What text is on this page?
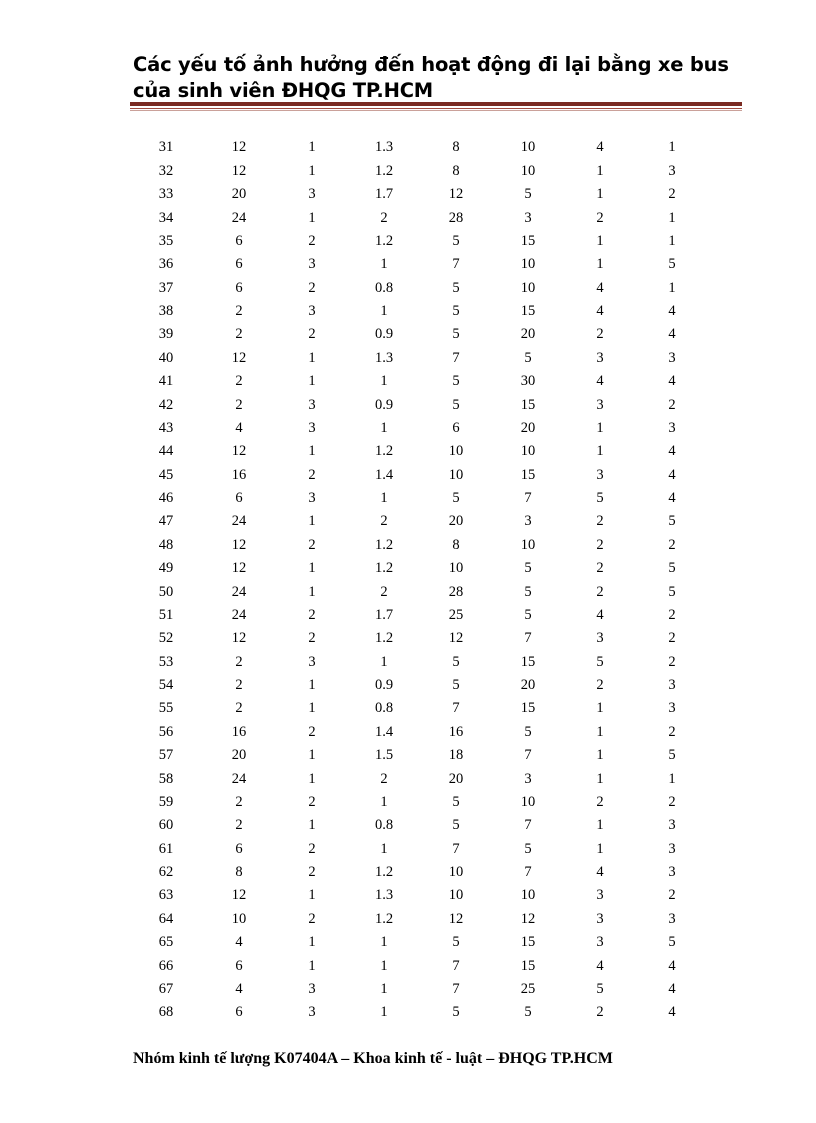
Các yếu tố ảnh hưởng đến hoạt động đi lại bằng xe bus của sinh viên ĐHQG TP.HCM
31	12	1	1.3	8	10	4	1
32	12	1	1.2	8	10	1	3
33	20	3	1.7	12	5	1	2
34	24	1	2	28	3	2	1
35	6	2	1.2	5	15	1	1
36	6	3	1	7	10	1	5
37	6	2	0.8	5	10	4	1
38	2	3	1	5	15	4	4
39	2	2	0.9	5	20	2	4
40	12	1	1.3	7	5	3	3
41	2	1	1	5	30	4	4
42	2	3	0.9	5	15	3	2
43	4	3	1	6	20	1	3
44	12	1	1.2	10	10	1	4
45	16	2	1.4	10	15	3	4
46	6	3	1	5	7	5	4
47	24	1	2	20	3	2	5
48	12	2	1.2	8	10	2	2
49	12	1	1.2	10	5	2	5
50	24	1	2	28	5	2	5
51	24	2	1.7	25	5	4	2
52	12	2	1.2	12	7	3	2
53	2	3	1	5	15	5	2
54	2	1	0.9	5	20	2	3
55	2	1	0.8	7	15	1	3
56	16	2	1.4	16	5	1	2
57	20	1	1.5	18	7	1	5
58	24	1	2	20	3	1	1
59	2	2	1	5	10	2	2
60	2	1	0.8	5	7	1	3
61	6	2	1	7	5	1	3
62	8	2	1.2	10	7	4	3
63	12	1	1.3	10	10	3	2
64	10	2	1.2	12	12	3	3
65	4	1	1	5	15	3	5
66	6	1	1	7	15	4	4
67	4	3	1	7	25	5	4
68	6	3	1	5	5	2	4
Nhóm kinh tế lượng K07404A – Khoa kinh tế - luật – ĐHQG TP.HCM
